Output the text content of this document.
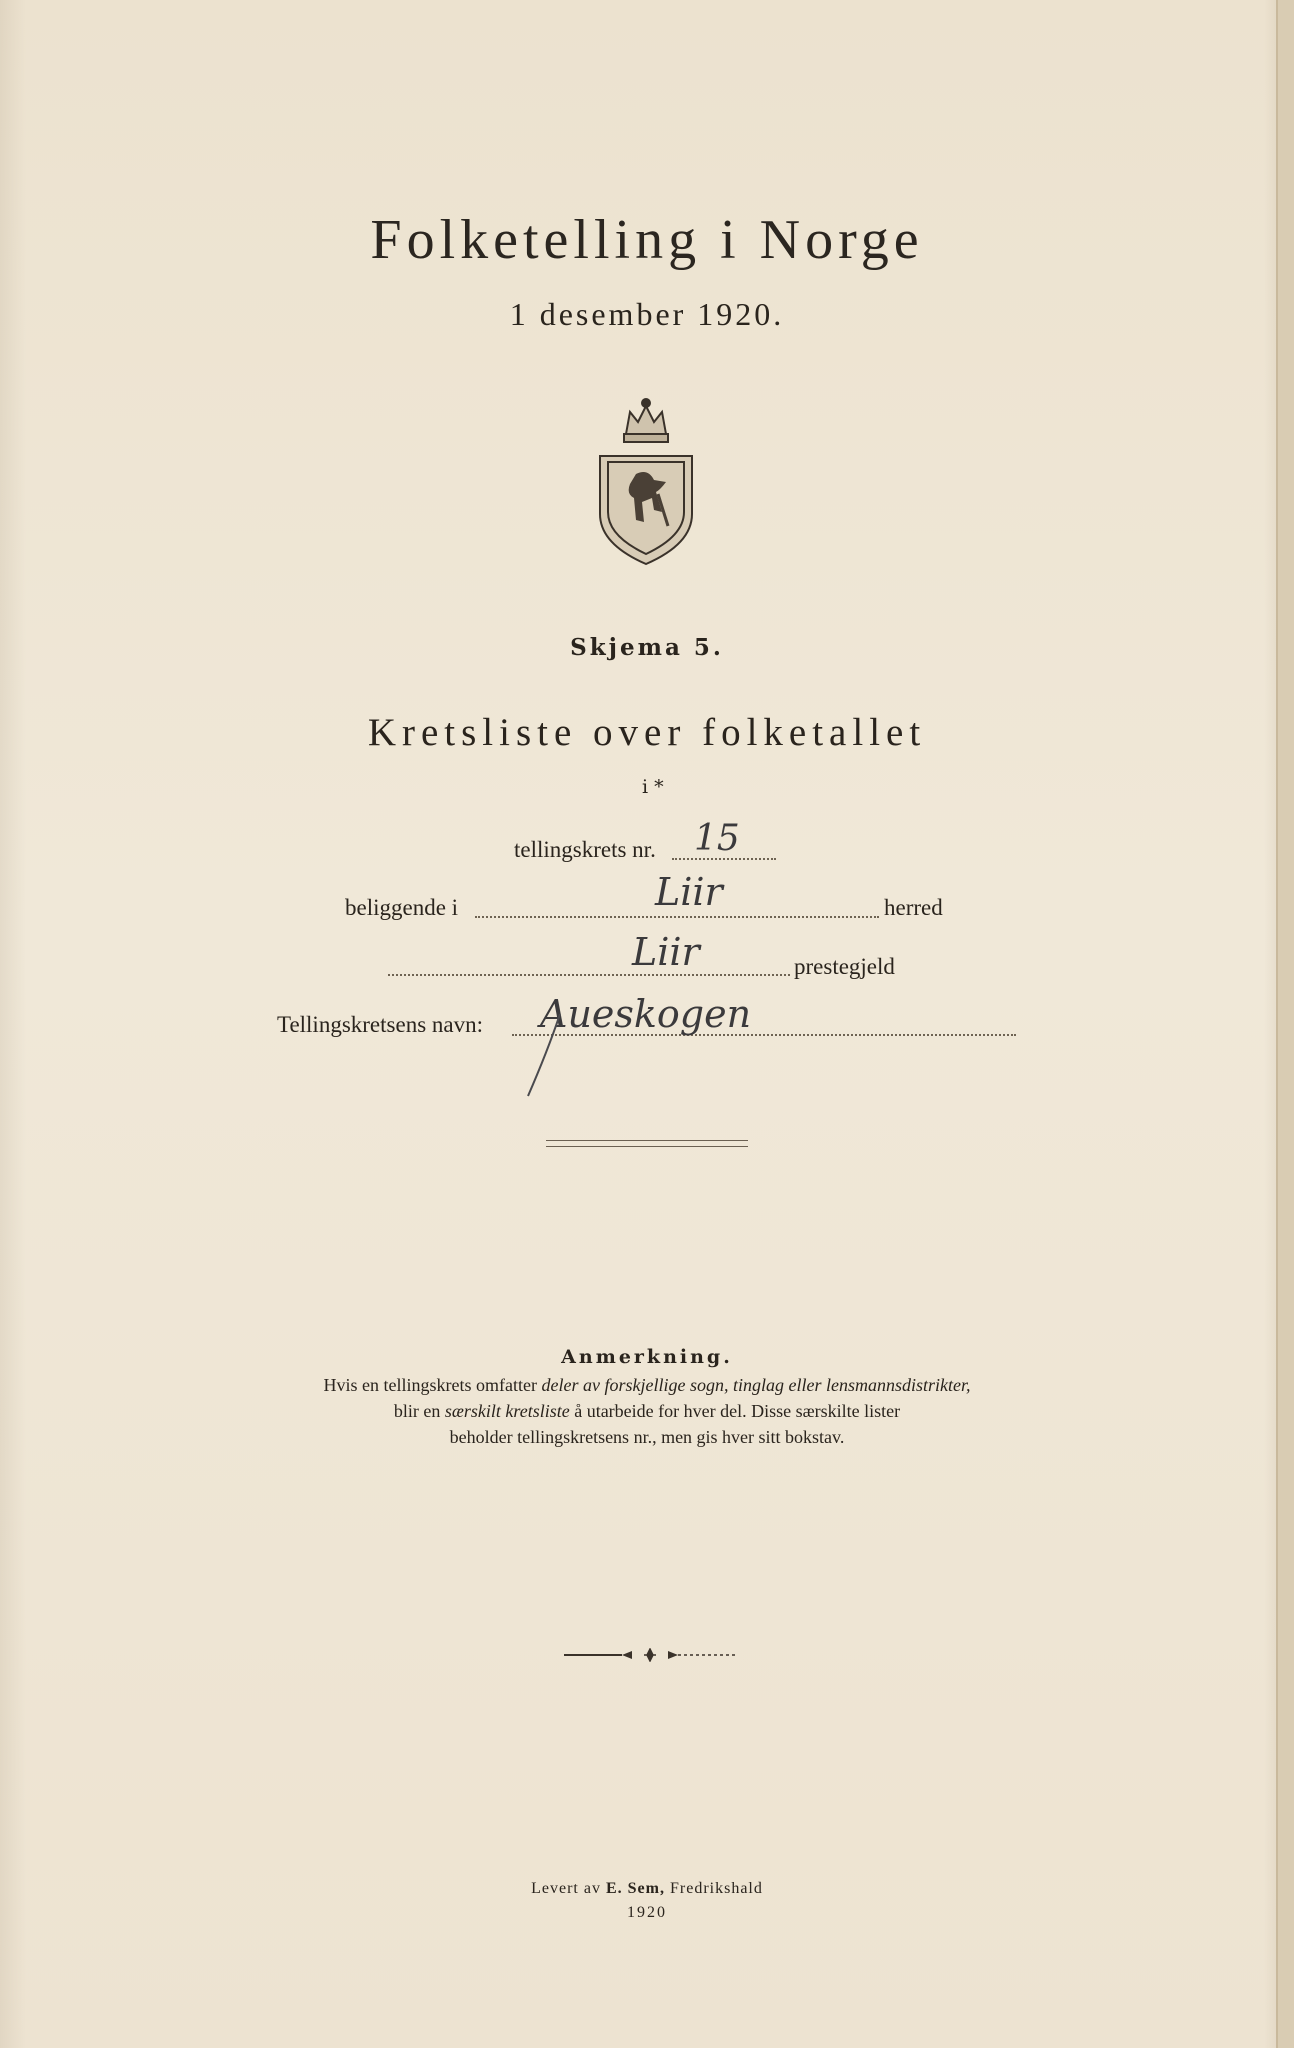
Folketelling i Norge
1 desember 1920.
Skjema 5.
Kretsliste over folketallet
i *
tellingskrets nr. 15
beliggende i	Liir	herred
Liir	prestegjeld
Tellingskretsens navn: Aueskogen
Anmerkning.
Hvis en tellingskrets omfatter deler av forskjellige sogn, tinglag eller lensmannsdistrikter,
blir en særskilt kretsliste å utarbeide for hver del. Disse særskilte lister
beholder tellingskretsens nr., men gis hver sitt bokstav.
Levert av E. Sem, Fredrikshald
1920
